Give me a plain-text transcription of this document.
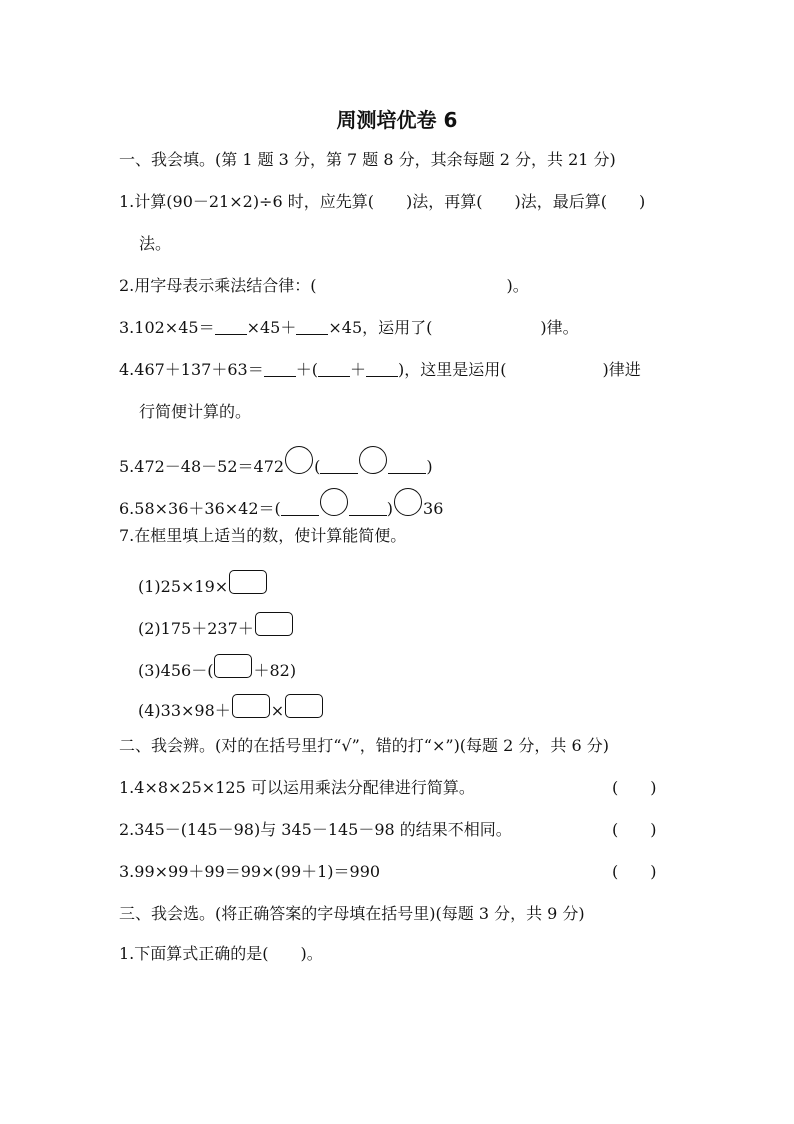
周测培优卷 6
一、我会填。(第 1 题 3 分，第 7 题 8 分，其余每题 2 分，共 21 分)
1.计算(90－21×2)÷6 时，应先算( )法，再算( )法，最后算( )
法。
2.用字母表示乘法结合律：(	)。
3.102×45＝ ×45＋ ×45，运用了(	)律。
4.467＋137＋63＝ ＋( ＋ )，这里是运用(	)律进
行简便计算的。
5.472－48－52＝472 (	)
6.58×36＋36×42＝(	) 36
7.在框里填上适当的数，使计算能简便。
(1)25×19×
(2)175＋237＋
(3)456－(	＋82)
(4)33×98＋	×
二、我会辨。(对的在括号里打“√”，错的打“×”)(每题 2 分，共 6 分)
1.4×8×25×125 可以运用乘法分配律进行简算。	(　　)
2.345－(145－98)与 345－145－98 的结果不相同。	(　　)
3.99×99＋99＝99×(99＋1)＝990	(　　)
三、我会选。(将正确答案的字母填在括号里)(每题 3 分，共 9 分)
1.下面算式正确的是(　　)。
